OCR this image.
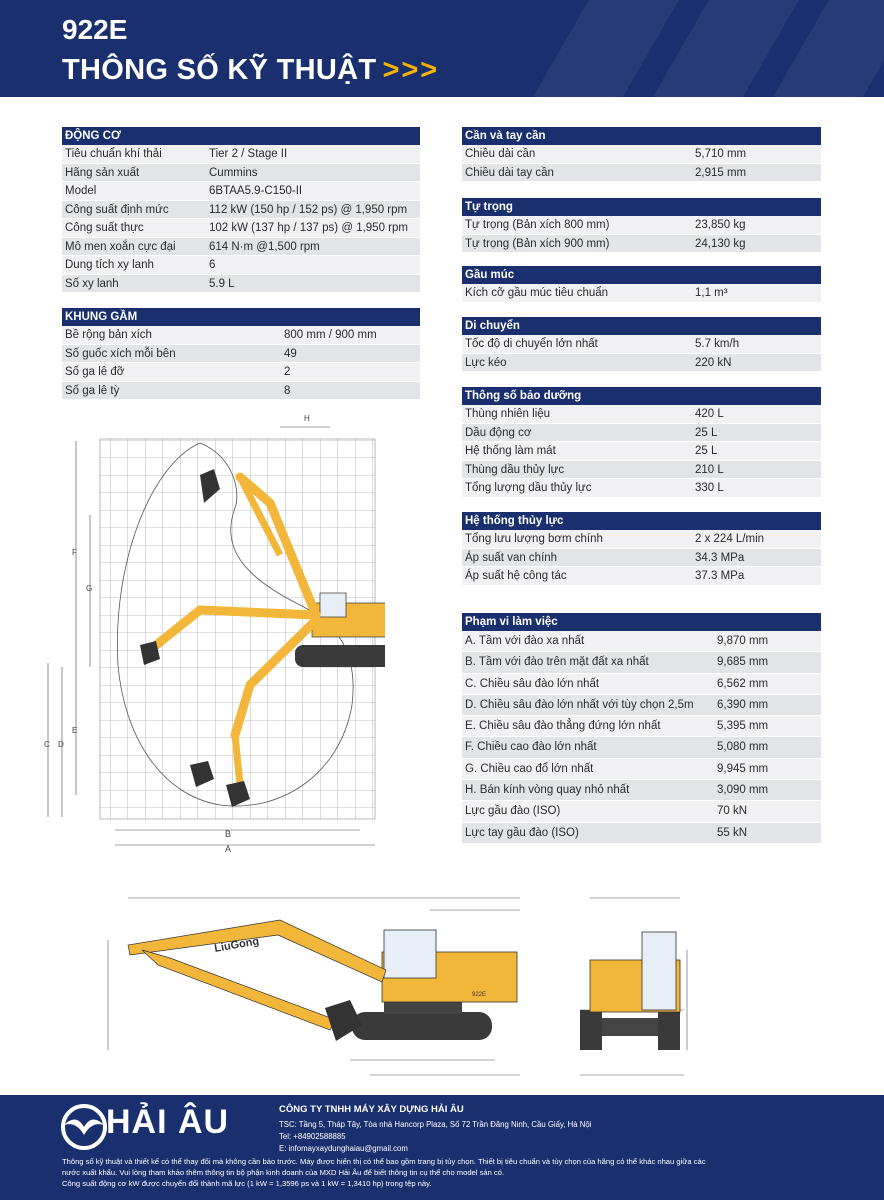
922E
THÔNG SỐ KỸ THUẬT >>>
ĐỘNG CƠ
Tiêu chuẩn khí thải	Tier 2 / Stage II
Hãng sản xuất	Cummins
Model	6BTAA5.9-C150-II
Công suất định mức	112 kW (150 hp / 152 ps) @ 1,950 rpm
Công suất thực	102 kW (137 hp / 137 ps) @ 1,950 rpm
Mô men xoắn cực đại	614 N·m @1,500 rpm
Dung tích xy lanh	6
Số xy lanh	5.9 L
KHUNG GẦM
Bề rộng bản xích	800 mm / 900 mm
Số guốc xích mỗi bên	49
Số ga lê đỡ	2
Số ga lê tỳ	8
Cần và tay cần
Chiều dài cần	5,710 mm
Chiều dài tay cần	2,915 mm
Tự trọng
Tự trọng (Bản xích 800 mm)	23,850 kg
Tự trọng (Bản xích 900 mm)	24,130 kg
Gầu múc
Kích cỡ gầu múc tiêu chuẩn	1,1 m³
Di chuyển
Tốc độ di chuyển lớn nhất	5.7 km/h
Lực kéo	220 kN
Thông số bảo dưỡng
Thùng nhiên liệu	420 L
Dầu động cơ	25 L
Hệ thống làm mát	25 L
Thùng dầu thủy lực	210 L
Tổng lượng dầu thủy lực	330 L
Hệ thống thủy lực
Tổng lưu lượng bơm chính	2 x 224 L/min
Áp suất van chính	34.3 MPa
Áp suất hệ công tác	37.3 MPa
Phạm vi làm việc
A. Tầm với đào xa nhất	9,870 mm
B. Tầm với đào trên mặt đất xa nhất	9,685 mm
C. Chiều sâu đào lớn nhất	6,562 mm
D. Chiều sâu đào lớn nhất với tùy chọn 2,5m 6,390 mm
E. Chiều sâu đào thẳng đứng lớn nhất	5,395 mm
F. Chiều cao đào lớn nhất	5,080 mm
G. Chiều cao đổ lớn nhất	9,945 mm
H. Bán kính vòng quay nhỏ nhất	3,090 mm
Lực gầu đào (ISO)	70 kN
Lực tay gầu đào (ISO)	55 kN
C D
E
F
G
B
A
H
LiuGong
922E
HẢI ÂU	CÔNG TY TNHH MÁY XÂY DỰNG HẢI ÂU
TSC: Tầng 5, Tháp Tây, Tòa nhà Hancorp Plaza, Số 72 Trần Đăng Ninh, Cầu Giấy, Hà Nội
Tel: +84902588885
E: infomayxaydunghaiau@gmail.com
Thông số kỹ thuật và thiết kế có thể thay đổi mà không cần báo trước. Máy được hiển thị có thể bao gồm trang bị tùy chọn. Thiết bị tiêu chuẩn và tùy chọn của hãng có thể khác nhau giữa các
nước xuất khẩu. Vui lòng tham khảo thêm thông tin bộ phận kinh doanh của MXD Hải Âu để biết thông tin cụ thể cho model sản có.
Công suất động cơ kW được chuyển đổi thành mã lực (1 kW = 1,3596 ps và 1 kW = 1,3410 hp) trong tệp này.
